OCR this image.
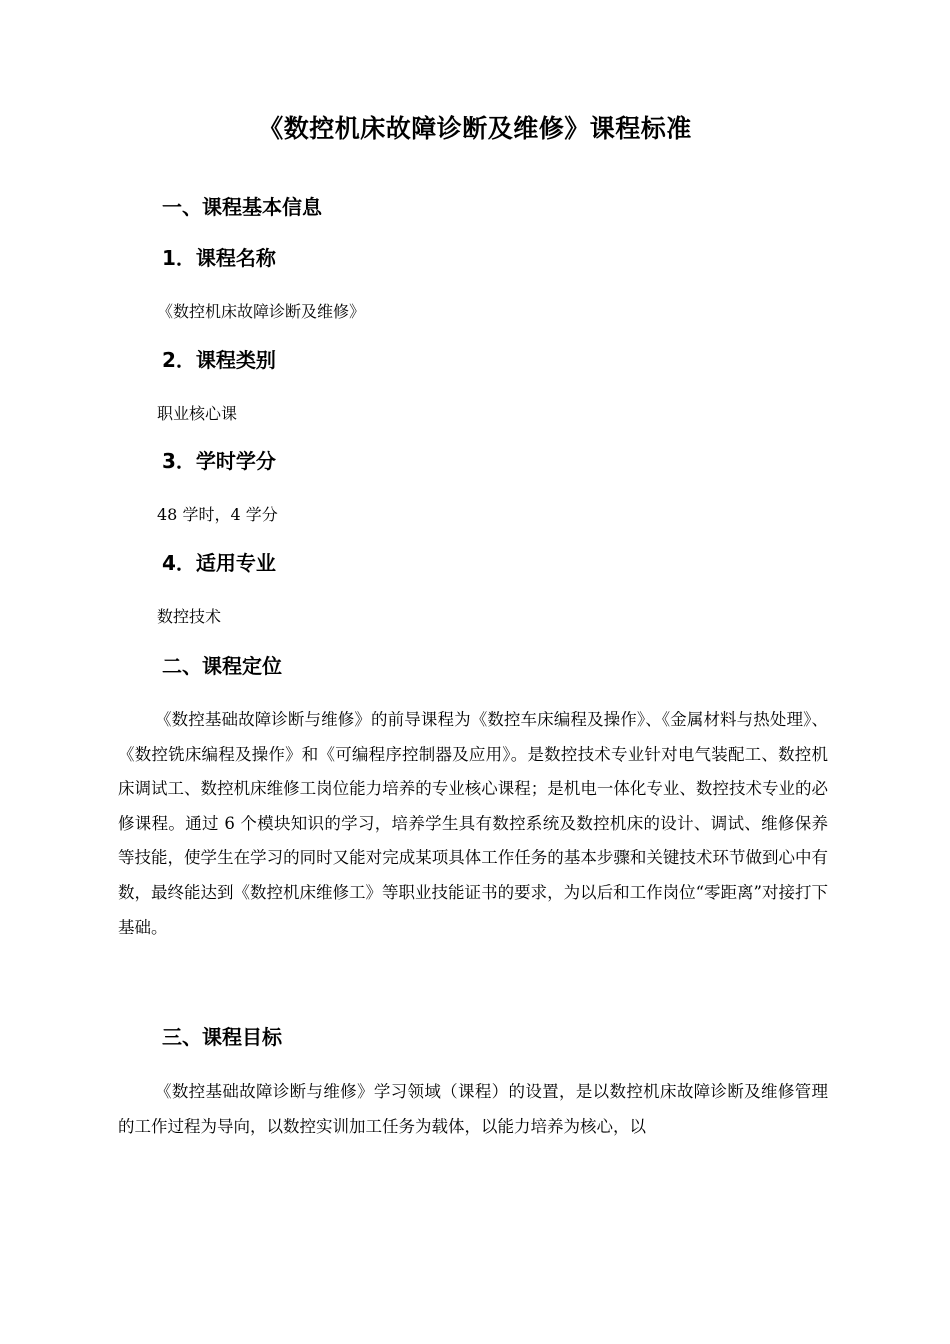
《数控机床故障诊断及维修》课程标准
一、课程基本信息
1．课程名称
《数控机床故障诊断及维修》
2．课程类别
职业核心课
3．学时学分
48 学时，4 学分
4．适用专业
数控技术
二、课程定位
《数控基础故障诊断与维修》的前导课程为《数控车床编程及操作》、《金属材料与热处理》、《数控铣床编程及操作》和《可编程序控制器及应用》。是数控技术专业针对电气装配工、数控机床调试工、数控机床维修工岗位能力培养的专业核心课程；是机电一体化专业、数控技术专业的必修课程。通过 6 个模块知识的学习，培养学生具有数控系统及数控机床的设计、调试、维修保养等技能，使学生在学习的同时又能对完成某项具体工作任务的基本步骤和关键技术环节做到心中有数，最终能达到《数控机床维修工》等职业技能证书的要求，为以后和工作岗位“零距离”对接打下基础。
三、课程目标
《数控基础故障诊断与维修》学习领域（课程）的设置，是以数控机床故障诊断及维修管理的工作过程为导向，以数控实训加工任务为载体，以能力培养为核心，以
